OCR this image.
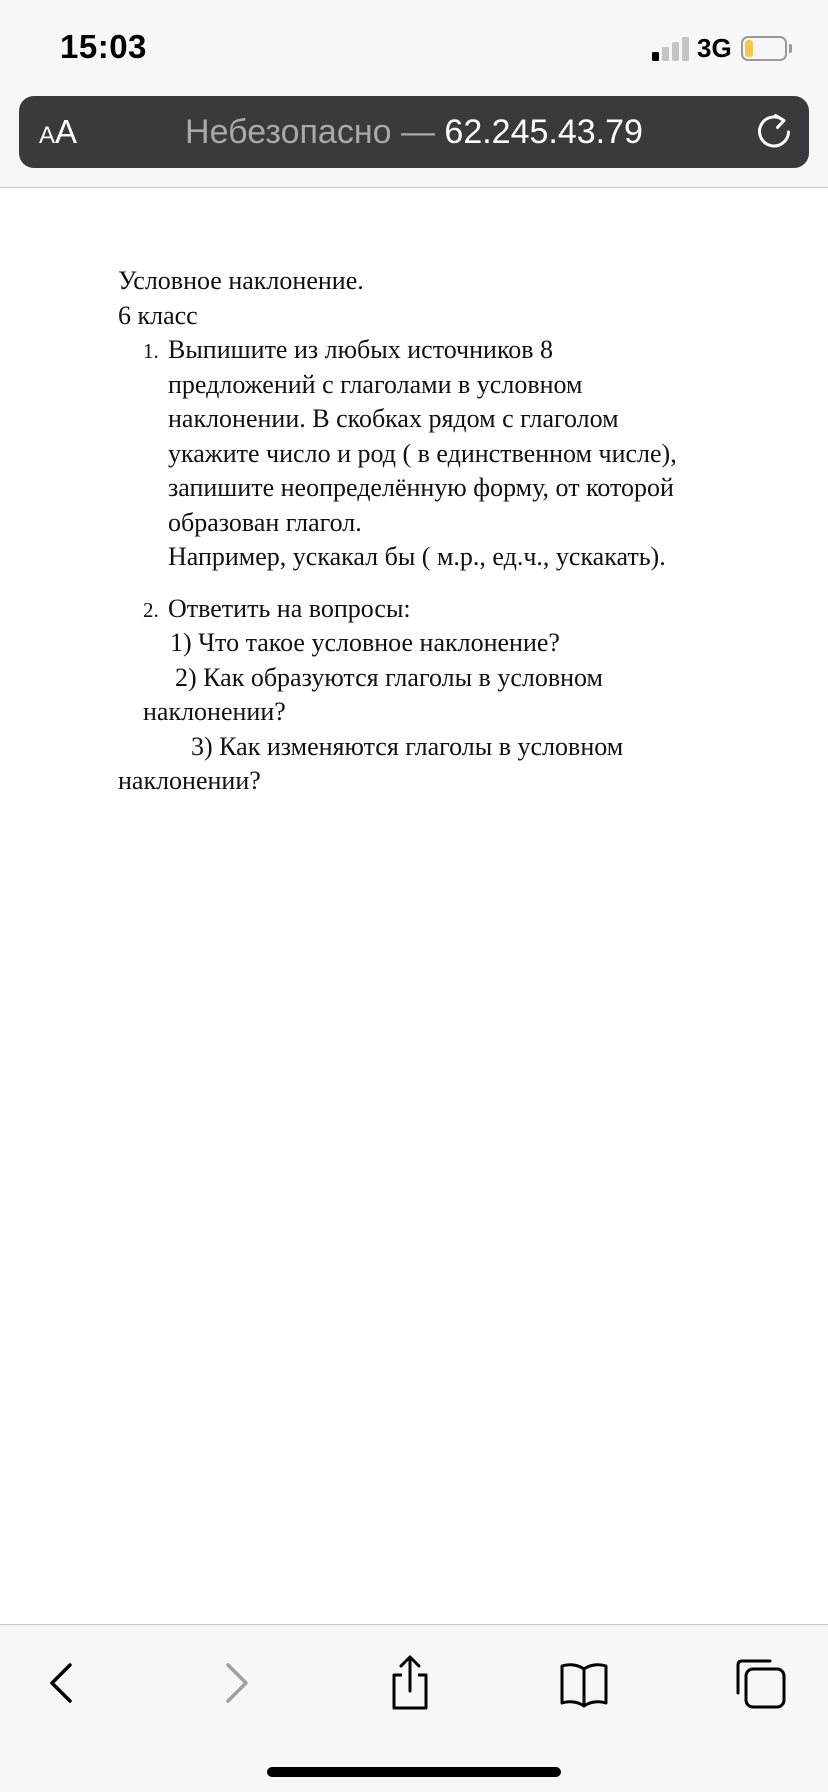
15:03	3G
AA	Небезопасно — 62.245.43.79

Условное наклонение.

6 класс

1. Выпишите из любых источников 8

предложений с глаголами в условном

наклонении. В скобках рядом с глаголом

укажите число и род ( в единственном числе),

запишите неопределённую форму, от которой

образован глагол.

Например, ускакал бы ( м.р., ед.ч., ускакать).

2. Ответить на вопросы:

1) Что такое условное наклонение?

2) Как образуются глаголы в условном

наклонении?

3) Как изменяются глаголы в условном

наклонении?
